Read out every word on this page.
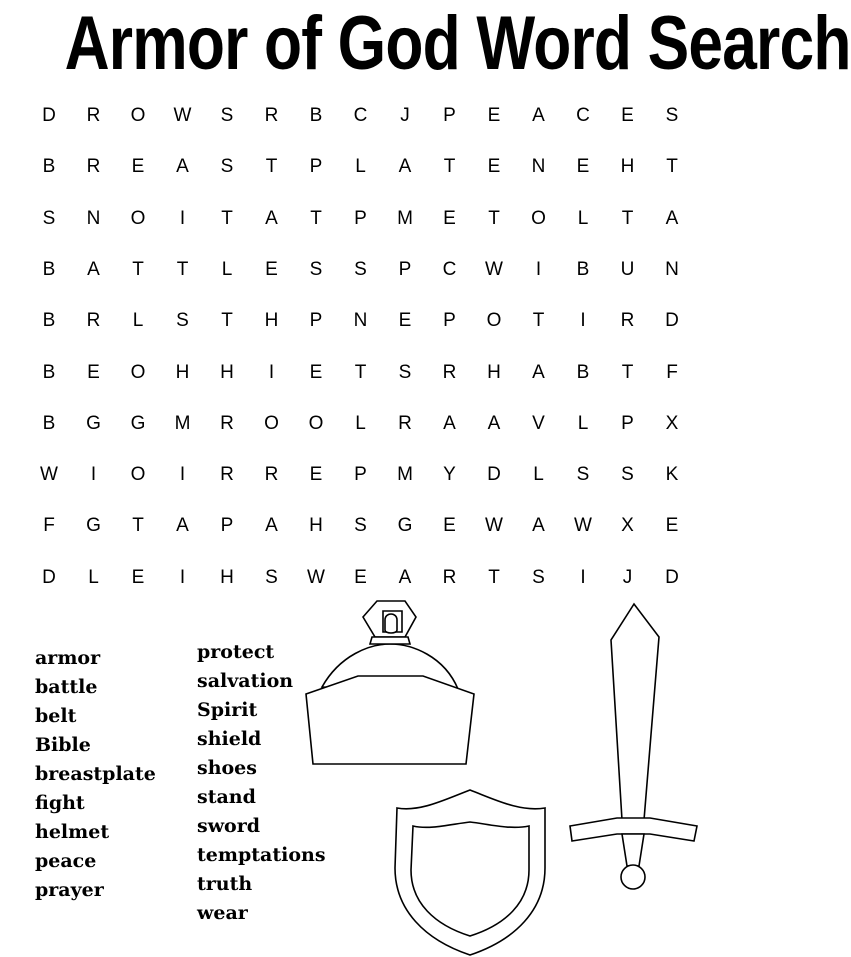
Armor of God Word Search
D	R	O	W	S	R	B	C	J	P	E	A	C	E	S
B	R	E	A	S	T	P	L	A	T	E	N	E	H	T
S	N	O	I	T	A	T	P	M	E	T	O	L	T	A
B	A	T	T	L	E	S	S	P	C	W	I	B	U	N
B	R	L	S	T	H	P	N	E	P	O	T	I	R	D
B	E	O	H	H	I	E	T	S	R	H	A	B	T	F
B	G	G	M	R	O	O	L	R	A	A	V	L	P	X
W	I	O	I	R	R	E	P	M	Y	D	L	S	S	K
F	G	T	A	P	A	H	S	G	E	W	A	W	X	E
D	L	E	I	H	S	W	E	A	R	T	S	I	J	D
armor
battle
belt
Bible
breastplate
fight
helmet
peace
prayer
protect
salvation
Spirit
shield
shoes
stand
sword
temptations
truth
wear
